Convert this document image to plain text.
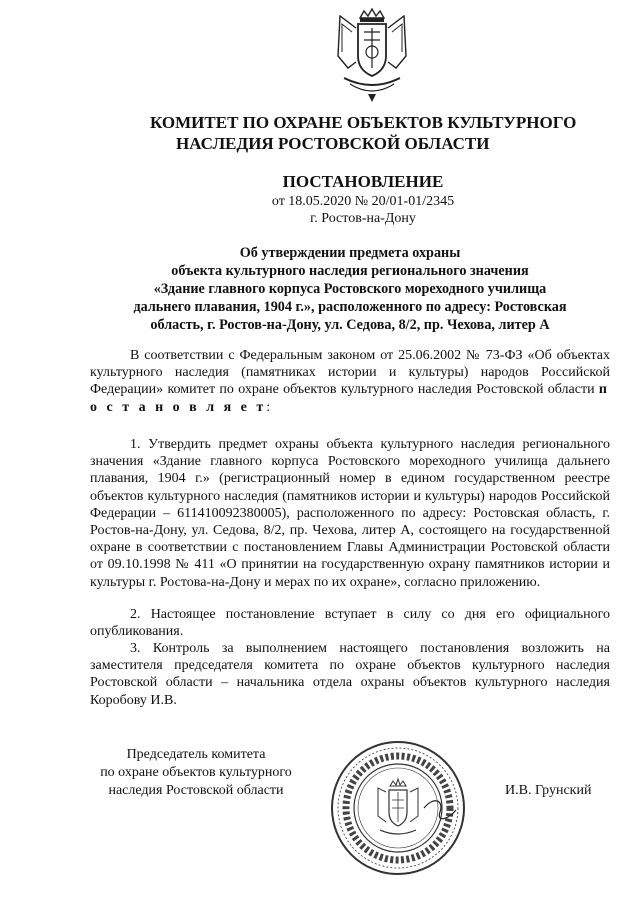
КОМИТЕТ ПО ОХРАНЕ ОБЪЕКТОВ КУЛЬТУРНОГО
НАСЛЕДИЯ РОСТОВСКОЙ ОБЛАСТИ
ПОСТАНОВЛЕНИЕ
от 18.05.2020 № 20/01-01/2345
г. Ростов-на-Дону
Об утверждении предмета охраны
объекта культурного наследия регионального значения
«Здание главного корпуса Ростовского мореходного училища
дальнего плавания, 1904 г.», расположенного по адресу: Ростовская
область, г. Ростов-на-Дону, ул. Седова, 8/2, пр. Чехова, литер А

В соответствии с Федеральным законом от 25.06.2002 № 73-ФЗ «Об объектах культурного наследия (памятниках истории и культуры) народов Российской Федерации» комитет по охране объектов культурного наследия Ростовской области п о с т а н о в л я е т:

1. Утвердить предмет охраны объекта культурного наследия регионального значения «Здание главного корпуса Ростовского мореходного училища дальнего плавания, 1904 г.» (регистрационный номер в едином государственном реестре объектов культурного наследия (памятников истории и культуры) народов Российской Федерации – 611410092380005), расположенного по адресу: Ростовская область, г. Ростов-на-Дону, ул. Седова, 8/2, пр. Чехова, литер А, состоящего на государственной охране в соответствии с постановлением Главы Администрации Ростовской области от 09.10.1998 № 411 «О принятии на государственную охрану памятников истории и культуры г. Ростова-на-Дону и мерах по их охране», согласно приложению.

2. Настоящее постановление вступает в силу со дня его официального опубликования.

3. Контроль за выполнением настоящего постановления возложить на заместителя председателя комитета по охране объектов культурного наследия Ростовской области – начальника отдела охраны объектов культурного наследия Коробову И.В.

Председатель комитета
по охране объектов культурного
наследия Ростовской области	И.В. Грунский
